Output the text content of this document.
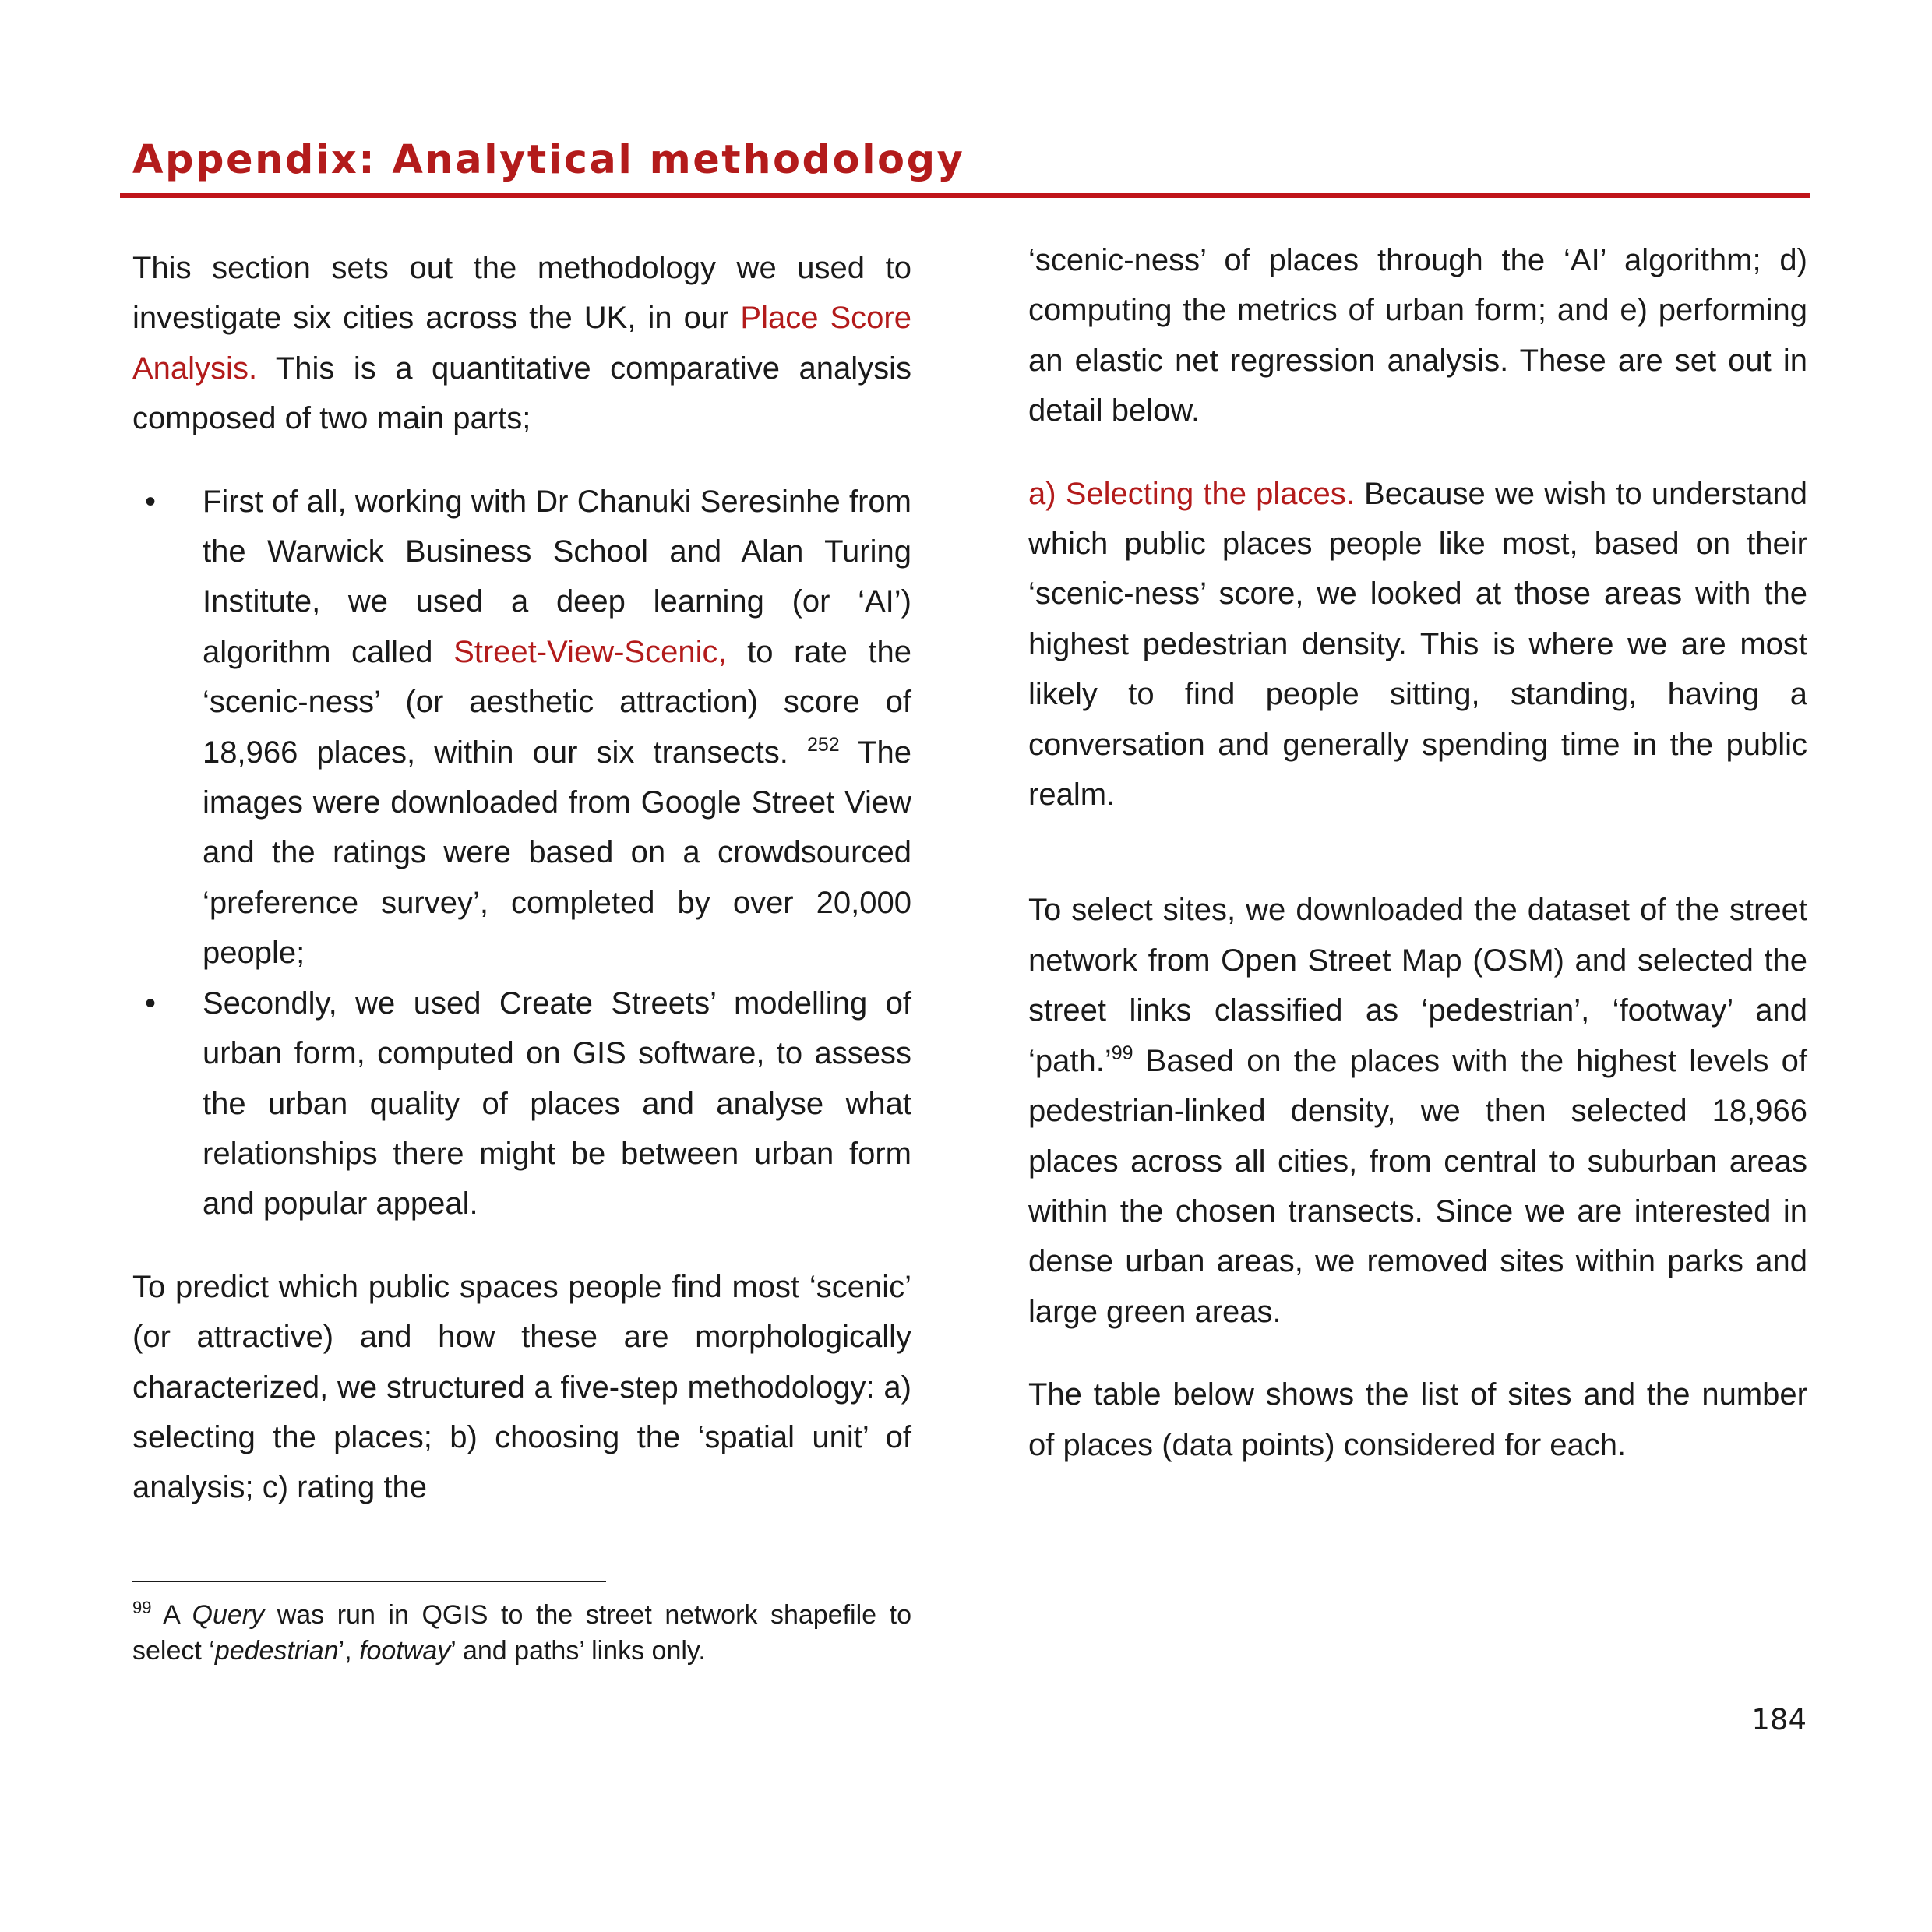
Appendix: Analytical methodology

This section sets out the methodology we used to investigate six cities across the UK, in our Place Score Analysis. This is a quantitative comparative analysis composed of two main parts;

• First of all, working with Dr Chanuki Seresinhe from the Warwick Business School and Alan Turing Institute, we used a deep learning (or ‘AI’) algorithm called Street-View-Scenic, to rate the ‘scenic-ness’ (or aesthetic attraction) score of 18,966 places, within our six transects. $^{252}$ The images were downloaded from Google Street View and the ratings were based on a crowdsourced ‘preference survey’, completed by over 20,000 people;
• Secondly, we used Create Streets’ modelling of urban form, computed on GIS software, to assess the urban quality of places and analyse what relationships there might be between urban form and popular appeal.

To predict which public spaces people find most ‘scenic’ (or attractive) and how these are morphologically characterized, we structured a five-step methodology: a) selecting the places; b) choosing the ‘spatial unit’ of analysis; c) rating the

‘scenic-ness’ of places through the ‘AI’ algorithm; d) computing the metrics of urban form; and e) performing an elastic net regression analysis. These are set out in detail below.

a) Selecting the places. Because we wish to understand which public places people like most, based on their ‘scenic-ness’ score, we looked at those areas with the highest pedestrian density. This is where we are most likely to find people sitting, standing, having a conversation and generally spending time in the public realm.

To select sites, we downloaded the dataset of the street network from Open Street Map (OSM) and selected the street links classified as ‘pedestrian’, ‘footway’ and ‘path.’$^{99}$ Based on the places with the highest levels of pedestrian-linked density, we then selected 18,966 places across all cities, from central to suburban areas within the chosen transects. Since we are interested in dense urban areas, we removed sites within parks and large green areas.

The table below shows the list of sites and the number of places (data points) considered for each.

$^{99}$ A Query was run in QGIS to the street network shapefile to select ‘pedestrian’, footway’ and paths’ links only.
184
